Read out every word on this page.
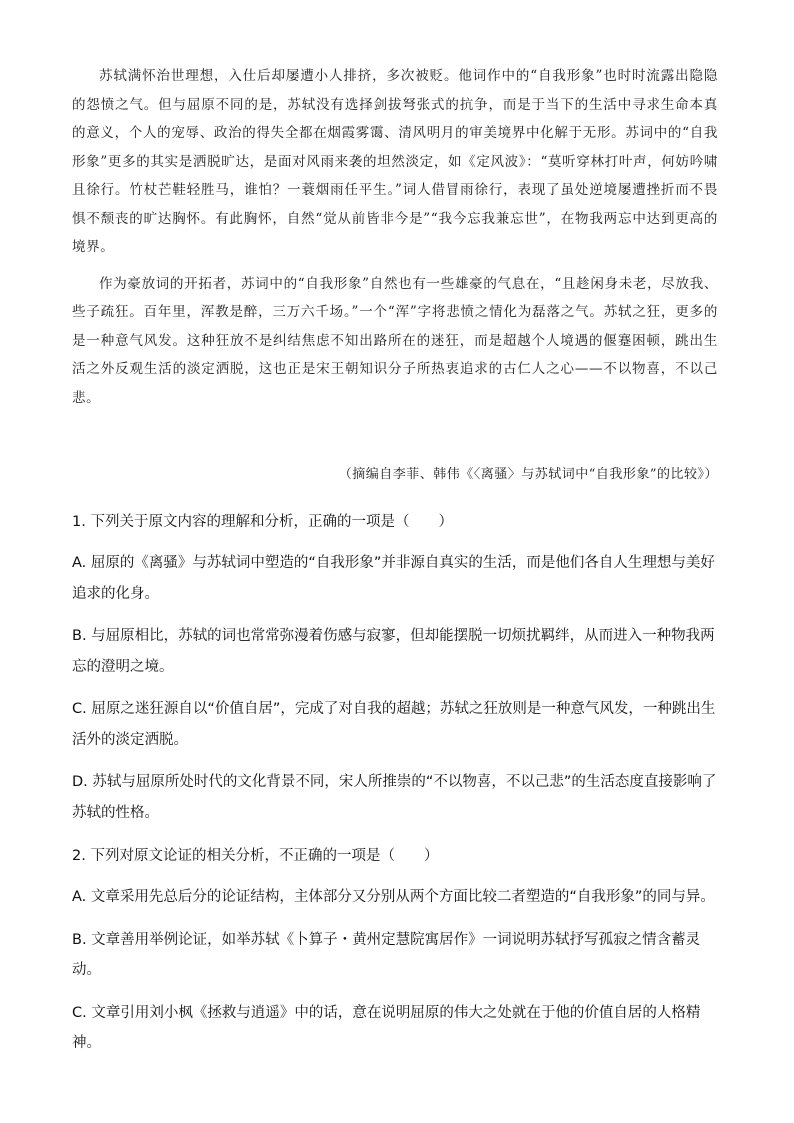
苏轼满怀治世理想，入仕后却屡遭小人排挤，多次被贬。他词作中的“自我形象”也时时流露出隐隐的怨愤之气。但与屈原不同的是，苏轼没有选择剑拔弩张式的抗争，而是于当下的生活中寻求生命本真的意义，个人的宠辱、政治的得失全都在烟霞雾霭、清风明月的审美境界中化解于无形。苏词中的“自我形象”更多的其实是洒脱旷达，是面对风雨来袭的坦然淡定，如《定风波》：“莫听穿林打叶声，何妨吟啸且徐行。竹杖芒鞋轻胜马，谁怕？一蓑烟雨任平生。”词人借冒雨徐行，表现了虽处逆境屡遭挫折而不畏惧不颓丧的旷达胸怀。有此胸怀，自然“觉从前皆非今是”“我今忘我兼忘世”，在物我两忘中达到更高的境界。

作为豪放词的开拓者，苏词中的“自我形象”自然也有一些雄豪的气息在，“且趁闲身未老，尽放我、些子疏狂。百年里，浑教是醉，三万六千场。”一个“浑”字将悲愤之情化为磊落之气。苏轼之狂，更多的是一种意气风发。这种狂放不是纠结焦虑不知出路所在的迷狂，而是超越个人境遇的偃蹇困顿，跳出生活之外反观生活的淡定洒脱，这也正是宋王朝知识分子所热衷追求的古仁人之心——不以物喜，不以己悲。

（摘编自李菲、韩伟《〈离骚〉与苏轼词中“自我形象”的比较》）

1. 下列关于原文内容的理解和分析，正确的一项是（　　）

A. 屈原的《离骚》与苏轼词中塑造的“自我形象”并非源自真实的生活，而是他们各自人生理想与美好追求的化身。

B. 与屈原相比，苏轼的词也常常弥漫着伤感与寂寥，但却能摆脱一切烦扰羁绊，从而进入一种物我两忘的澄明之境。

C. 屈原之迷狂源自以“价值自居”，完成了对自我的超越；苏轼之狂放则是一种意气风发，一种跳出生活外的淡定洒脱。

D. 苏轼与屈原所处时代的文化背景不同，宋人所推崇的“不以物喜，不以己悲”的生活态度直接影响了苏轼的性格。

2. 下列对原文论证的相关分析，不正确的一项是（　　）

A. 文章采用先总后分的论证结构，主体部分又分别从两个方面比较二者塑造的“自我形象”的同与异。

B. 文章善用举例论证，如举苏轼《卜算子・黄州定慧院寓居作》一词说明苏轼抒写孤寂之情含蓄灵动。

C. 文章引用刘小枫《拯救与逍遥》中的话，意在说明屈原的伟大之处就在于他的价值自居的人格精神。
